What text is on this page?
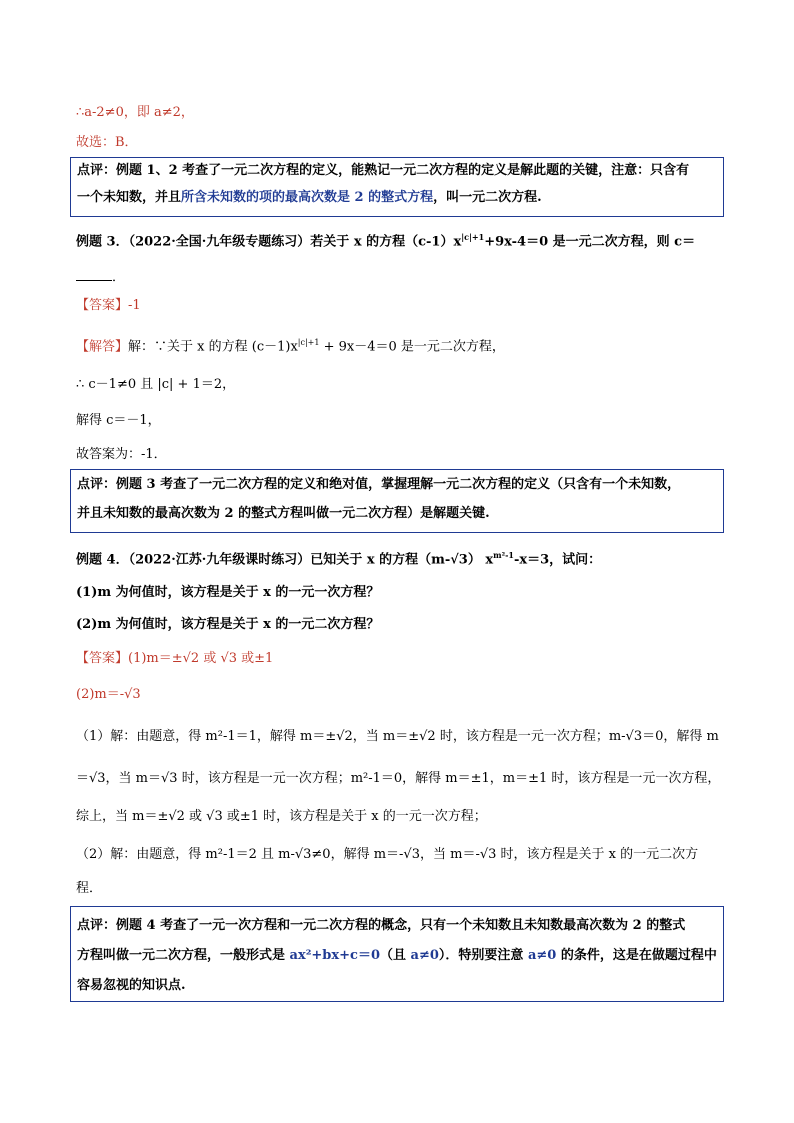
∴a-2≠0，即 a≠2，
故选：B．
点评：例题 1、2 考查了一元二次方程的定义，能熟记一元二次方程的定义是解此题的关键，注意：只含有
一个未知数，并且所含未知数的项的最高次数是 2 的整式方程，叫一元二次方程.
例题 3．（2022·全国·九年级专题练习）若关于 x 的方程$(c-1)x^{|c|+1}+9x-4=0$ 是一元二次方程，则 c＝
．
【答案】-1
【解答】解：∵关于 x 的方程 $(c-1)x^{|c|+1} + 9x-4=0$ 是一元二次方程，
∴ c－1≠0 且 |c| + 1＝2，
解得 c＝－1，
故答案为：-1．
点评：例题 3 考查了一元二次方程的定义和绝对值，掌握理解一元二次方程的定义（只含有一个未知数，
并且未知数的最高次数为 2 的整式方程叫做一元二次方程）是解题关键.
例题 4．（2022·江苏·九年级课时练习）已知关于 x 的方程（m-√3） $x^{m^2-1}-x=3$，试问：
(1)m 为何值时，该方程是关于 x 的一元一次方程？
(2)m 为何值时，该方程是关于 x 的一元二次方程？
【答案】(1)m＝±√2 或 √3 或±1
(2)m＝-√3
（1）解：由题意，得 m²-1＝1，解得 m＝±√2，当 m＝±√2 时，该方程是一元一次方程；m-√3＝0，解得 m
＝√3，当 m＝√3 时，该方程是一元一次方程；m²-1＝0，解得 m＝±1，m＝±1 时，该方程是一元一次方程，
综上，当 m＝±√2 或 √3 或±1 时，该方程是关于 x 的一元一次方程；
（2）解：由题意，得 m²-1＝2 且 m-√3≠0，解得 m＝-√3，当 m＝-√3 时，该方程是关于 x 的一元二次方
程．
点评：例题 4 考查了一元一次方程和一元二次方程的概念，只有一个未知数且未知数最高次数为 2 的整式
方程叫做一元二次方程，一般形式是 ax²+bx+c＝0（且 a≠0）．特别要注意 a≠0 的条件，这是在做题过程中
容易忽视的知识点.
